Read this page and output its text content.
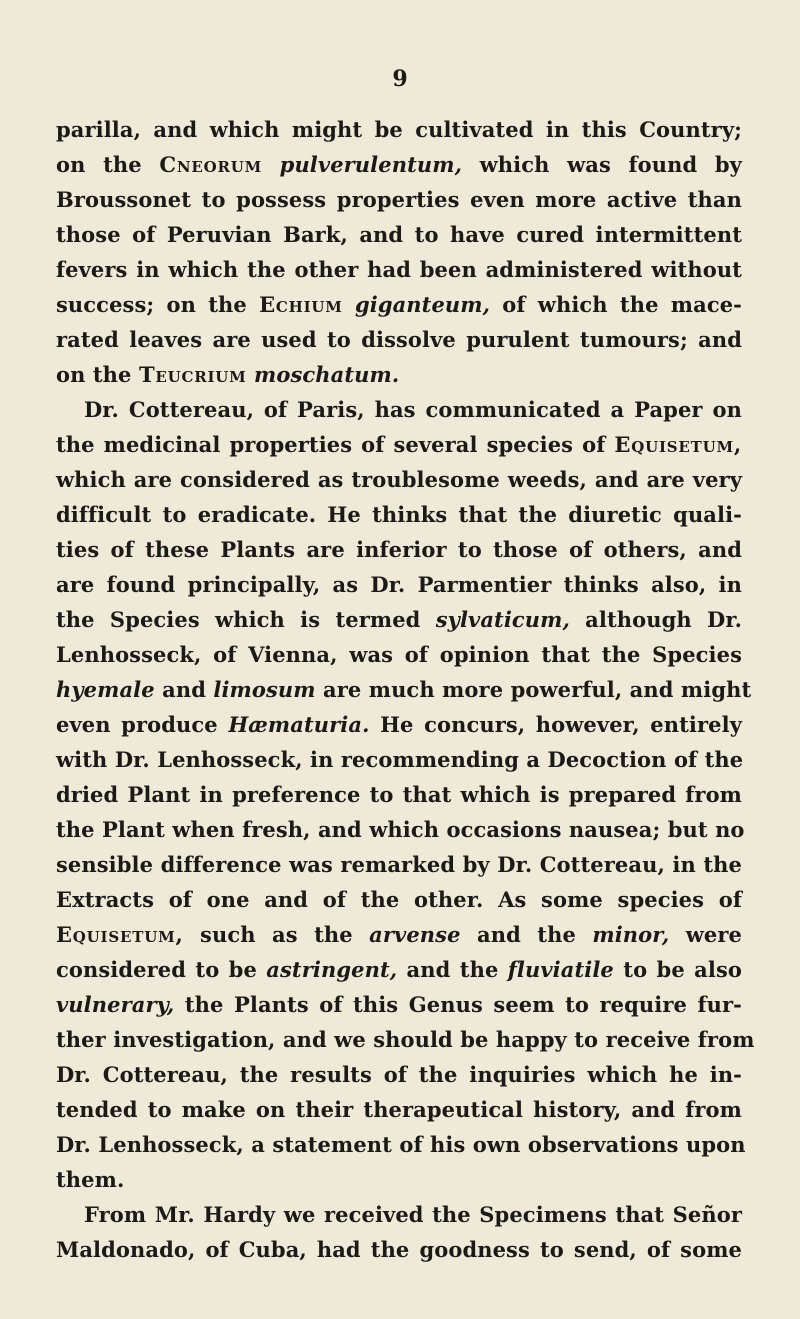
9
parilla, and which might be cultivated in this Country;
on the Cneorum pulverulentum, which was found by
Broussonet to possess properties even more active than
those of Peruvian Bark, and to have cured intermittent
fevers in which the other had been administered without
success; on the Echium giganteum, of which the mace-
rated leaves are used to dissolve purulent tumours; and
on the Teucrium moschatum.
Dr. Cottereau, of Paris, has communicated a Paper on
the medicinal properties of several species of Equisetum,
which are considered as troublesome weeds, and are very
difficult to eradicate. He thinks that the diuretic quali-
ties of these Plants are inferior to those of others, and
are found principally, as Dr. Parmentier thinks also, in
the Species which is termed sylvaticum, although Dr.
Lenhosseck, of Vienna, was of opinion that the Species
hyemale and limosum are much more powerful, and might
even produce Hæmaturia. He concurs, however, entirely
with Dr. Lenhosseck, in recommending a Decoction of the
dried Plant in preference to that which is prepared from
the Plant when fresh, and which occasions nausea; but no
sensible difference was remarked by Dr. Cottereau, in the
Extracts of one and of the other. As some species of
Equisetum, such as the arvense and the minor, were
considered to be astringent, and the fluviatile to be also
vulnerary, the Plants of this Genus seem to require fur-
ther investigation, and we should be happy to receive from
Dr. Cottereau, the results of the inquiries which he in-
tended to make on their therapeutical history, and from
Dr. Lenhosseck, a statement of his own observations upon
them.
From Mr. Hardy we received the Specimens that Señor
Maldonado, of Cuba, had the goodness to send, of some
